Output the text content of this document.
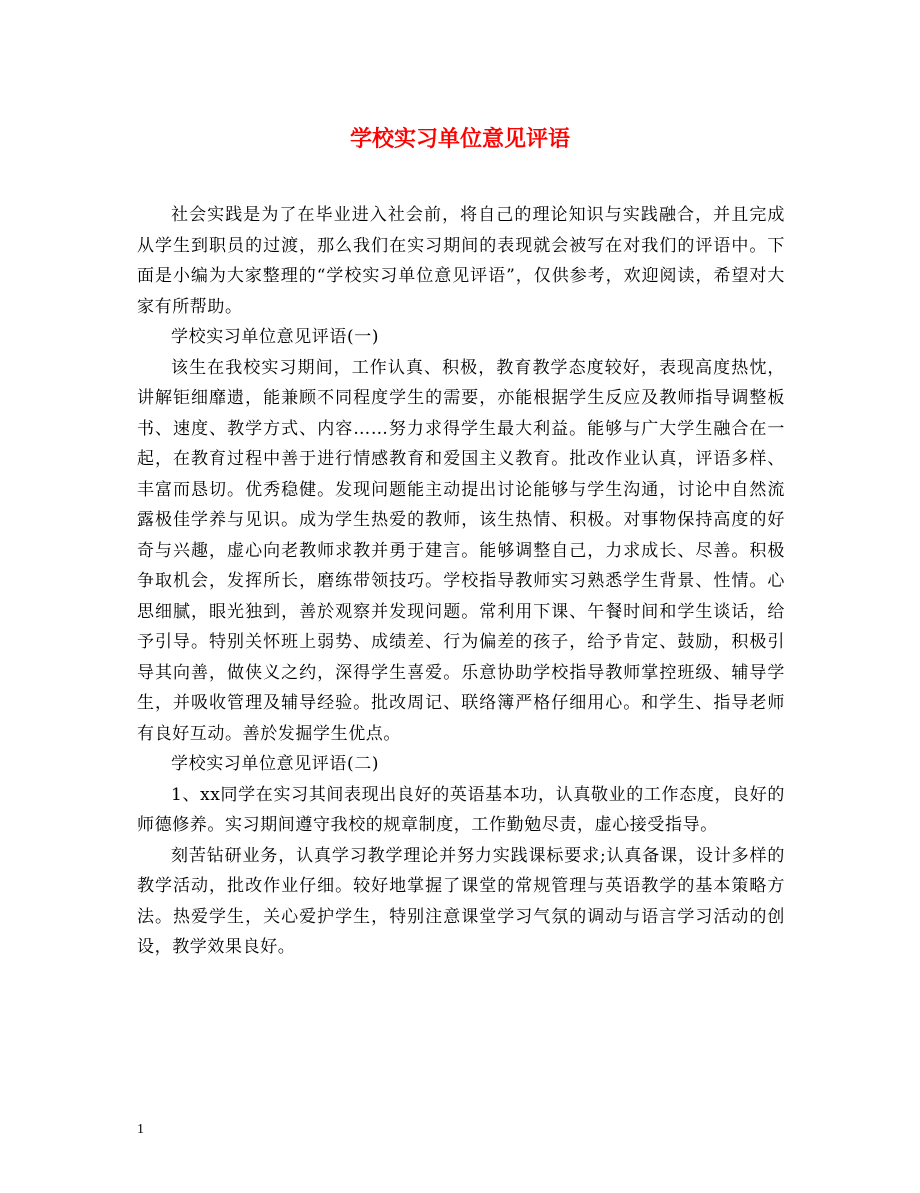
学校实习单位意见评语

社会实践是为了在毕业进入社会前，将自己的理论知识与实践融合，并且完成从学生到职员的过渡，那么我们在实习期间的表现就会被写在对我们的评语中。下面是小编为大家整理的“学校实习单位意见评语”，仅供参考，欢迎阅读，希望对大家有所帮助。

学校实习单位意见评语(一)

该生在我校实习期间，工作认真、积极，教育教学态度较好，表现高度热忱，讲解钜细靡遗，能兼顾不同程度学生的需要，亦能根据学生反应及教师指导调整板书、速度、教学方式、内容……努力求得学生最大利益。能够与广大学生融合在一起，在教育过程中善于进行情感教育和爱国主义教育。批改作业认真，评语多样、丰富而恳切。优秀稳健。发现问题能主动提出讨论能够与学生沟通，讨论中自然流露极佳学养与见识。成为学生热爱的教师，该生热情、积极。对事物保持高度的好奇与兴趣，虚心向老教师求教并勇于建言。能够调整自己，力求成长、尽善。积极争取机会，发挥所长，磨练带领技巧。学校指导教师实习熟悉学生背景、性情。心思细腻，眼光独到，善於观察并发现问题。常利用下课、午餐时间和学生谈话，给予引导。特别关怀班上弱势、成绩差、行为偏差的孩子，给予肯定、鼓励，积极引导其向善，做侠义之约，深得学生喜爱。乐意协助学校指导教师掌控班级、辅导学生，并吸收管理及辅导经验。批改周记、联络簿严格仔细用心。和学生、指导老师有良好互动。善於发掘学生优点。

学校实习单位意见评语(二)

1、xx同学在实习其间表现出良好的英语基本功，认真敬业的工作态度，良好的师德修养。实习期间遵守我校的规章制度，工作勤勉尽责，虚心接受指导。

刻苦钻研业务，认真学习教学理论并努力实践课标要求;认真备课，设计多样的教学活动，批改作业仔细。较好地掌握了课堂的常规管理与英语教学的基本策略方法。热爱学生，关心爱护学生，特别注意课堂学习气氛的调动与语言学习活动的创设，教学效果良好。

1
